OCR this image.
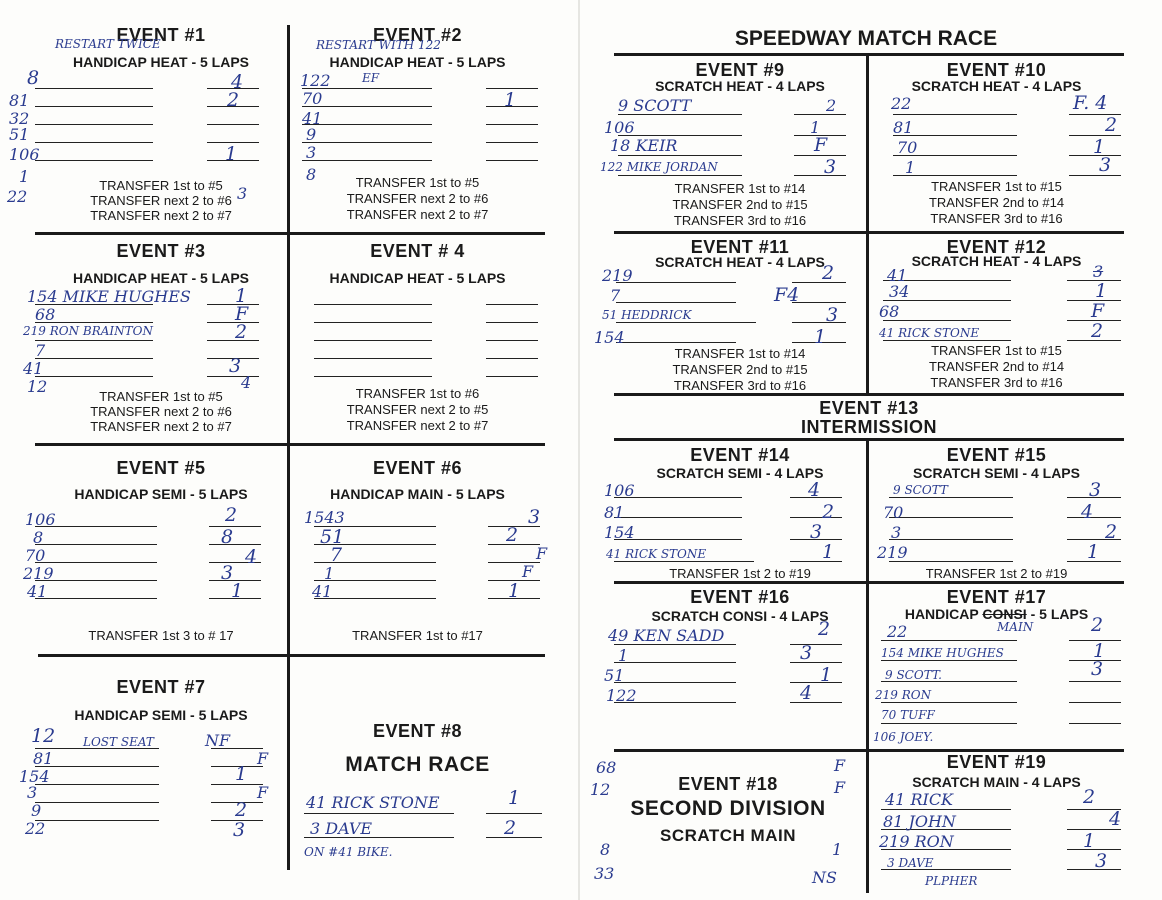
EVENT #1
RESTART TWICE
HANDICAP HEAT - 5 LAPS
8
81
32
51
106
1
22
4
2
1
3
TRANSFER 1st to #5
TRANSFER next 2 to #6
TRANSFER next 2 to #7
EVENT #2
RESTART WITH 122
HANDICAP HEAT - 5 LAPS
122	EF
70
41
9
3
8
1
TRANSFER 1st to #5
TRANSFER next 2 to #6
TRANSFER next 2 to #7
EVENT #3
HANDICAP HEAT - 5 LAPS
154 MIKE HUGHES
68
219 RON BRAINTON
7
41
12
1
F
2
3
4
TRANSFER 1st to #5
TRANSFER next 2 to #6
TRANSFER next 2 to #7
EVENT # 4
HANDICAP HEAT - 5 LAPS
TRANSFER 1st to #6
TRANSFER next 2 to #5
TRANSFER next 2 to #7
EVENT #5
HANDICAP SEMI - 5 LAPS
106
8
70
219
41
2
8
4
3
1
TRANSFER 1st 3 to # 17
EVENT #6
HANDICAP MAIN - 5 LAPS
1543
51
7
1
41
3
2
F
F
1
TRANSFER 1st to #17
EVENT #7
HANDICAP SEMI - 5 LAPS
12 LOST SEAT
81
154
3
9
22
NF
F
1
F
2
3
EVENT #8
MATCH RACE
41 RICK STONE
3 DAVE
1
2
ON #41 BIKE.
SPEEDWAY MATCH RACE
EVENT #9
SCRATCH HEAT - 4 LAPS
9 SCOTT
106
18 KEIR
122 MIKE JORDAN
2
1
F
3
TRANSFER 1st to #14
TRANSFER 2nd to #15
TRANSFER 3rd to #16
EVENT #10
SCRATCH HEAT - 4 LAPS
22
81
70
1
F. 4
2
1
3
TRANSFER 1st to #15
TRANSFER 2nd to #14
TRANSFER 3rd to #16
EVENT #11
SCRATCH HEAT - 4 LAPS
219
7
51 HEDDRICK
154
2
F4
3
1
TRANSFER 1st to #14
TRANSFER 2nd to #15
TRANSFER 3rd to #16
EVENT #12
SCRATCH HEAT - 4 LAPS
41
34
68
41 RICK STONE
3
1
F
2
TRANSFER 1st to #15
TRANSFER 2nd to #14
TRANSFER 3rd to #16
EVENT #13
INTERMISSION
EVENT #14
SCRATCH SEMI - 4 LAPS
106
81
154
41 RICK STONE
4
2
3
1
TRANSFER 1st 2 to #19
EVENT #15
SCRATCH SEMI - 4 LAPS
9 SCOTT
70
3
219
3
4
2
1
TRANSFER 1st 2 to #19
EVENT #16
SCRATCH CONSI - 4 LAPS
49 KEN SADD
1
51
122
2
3
1
4
EVENT #17
HANDICAP CONSI - 5 LAPS
MAIN
22
154 MIKE HUGHES
9 SCOTT.
219 RON
70 TUFF
106 JOEY.
2
1
3
EVENT #18
SECOND DIVISION
SCRATCH MAIN
68
12
8
33
F
F
1
NS
EVENT #19
SCRATCH MAIN - 4 LAPS
41 RICK
81 JOHN
219 RON
3 DAVE
PLPHER
2
4
1
3
